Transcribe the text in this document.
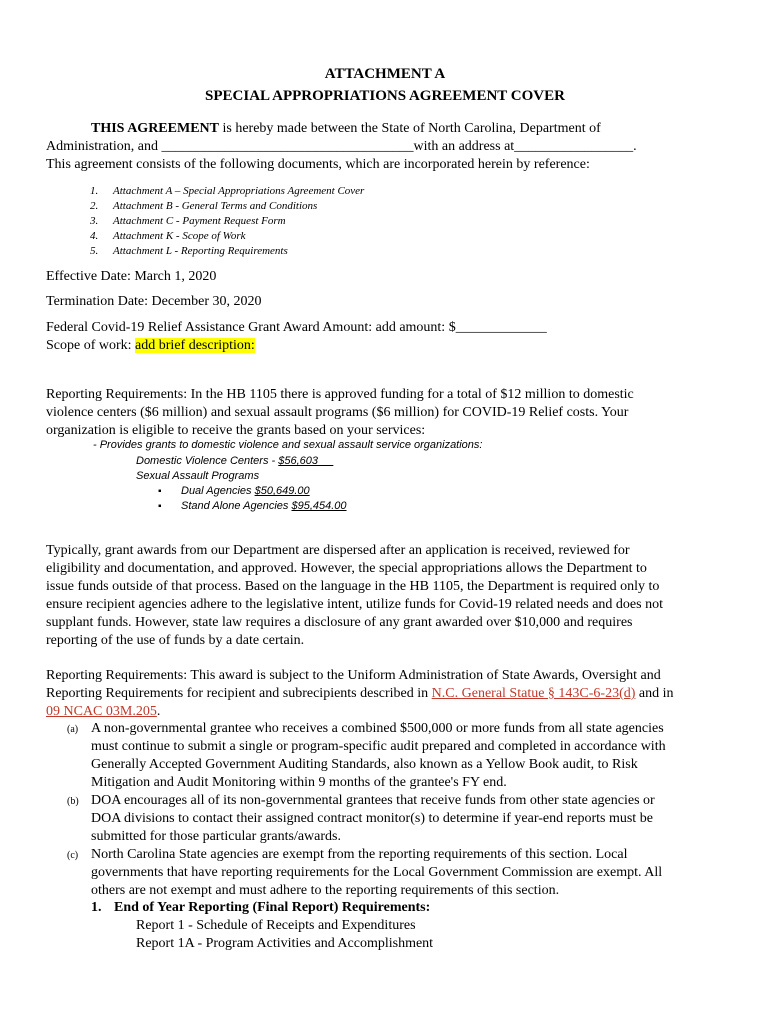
ATTACHMENT A
SPECIAL APPROPRIATIONS AGREEMENT COVER
THIS AGREEMENT is hereby made between the State of North Carolina, Department of
Administration, and ____________________________________with an address at_________________.
This agreement consists of the following documents, which are incorporated herein by reference:
1. Attachment A – Special Appropriations Agreement Cover
2. Attachment B - General Terms and Conditions
3. Attachment C - Payment Request Form
4. Attachment K - Scope of Work
5. Attachment L - Reporting Requirements
Effective Date: March 1, 2020
Termination Date: December 30, 2020
Federal Covid-19 Relief Assistance Grant Award Amount: add amount: $_____________
Scope of work: add brief description:
Reporting Requirements: In the HB 1105 there is approved funding for a total of $12 million to domestic
violence centers ($6 million) and sexual assault programs ($6 million) for COVID-19 Relief costs. Your
organization is eligible to receive the grants based on your services:
- Provides grants to domestic violence and sexual assault service organizations:
Domestic Violence Centers - $56,603
Sexual Assault Programs
▪ Dual Agencies $50,649.00
▪ Stand Alone Agencies $95,454.00
Typically, grant awards from our Department are dispersed after an application is received, reviewed for
eligibility and documentation, and approved. However, the special appropriations allows the Department to
issue funds outside of that process. Based on the language in the HB 1105, the Department is required only to
ensure recipient agencies adhere to the legislative intent, utilize funds for Covid-19 related needs and does not
supplant funds. However, state law requires a disclosure of any grant awarded over $10,000 and requires
reporting of the use of funds by a date certain.
Reporting Requirements: This award is subject to the Uniform Administration of State Awards, Oversight and
Reporting Requirements for recipient and subrecipients described in N.C. General Statue § 143C-6-23(d) and in
09 NCAC 03M.205.
(a) A non-governmental grantee who receives a combined $500,000 or more funds from all state agencies
must continue to submit a single or program-specific audit prepared and completed in accordance with
Generally Accepted Government Auditing Standards, also known as a Yellow Book audit, to Risk
Mitigation and Audit Monitoring within 9 months of the grantee's FY end.
(b) DOA encourages all of its non-governmental grantees that receive funds from other state agencies or
DOA divisions to contact their assigned contract monitor(s) to determine if year-end reports must be
submitted for those particular grants/awards.
(c) North Carolina State agencies are exempt from the reporting requirements of this section. Local
governments that have reporting requirements for the Local Government Commission are exempt. All
others are not exempt and must adhere to the reporting requirements of this section.
1. End of Year Reporting (Final Report) Requirements:
Report 1 - Schedule of Receipts and Expenditures
Report 1A - Program Activities and Accomplishment
